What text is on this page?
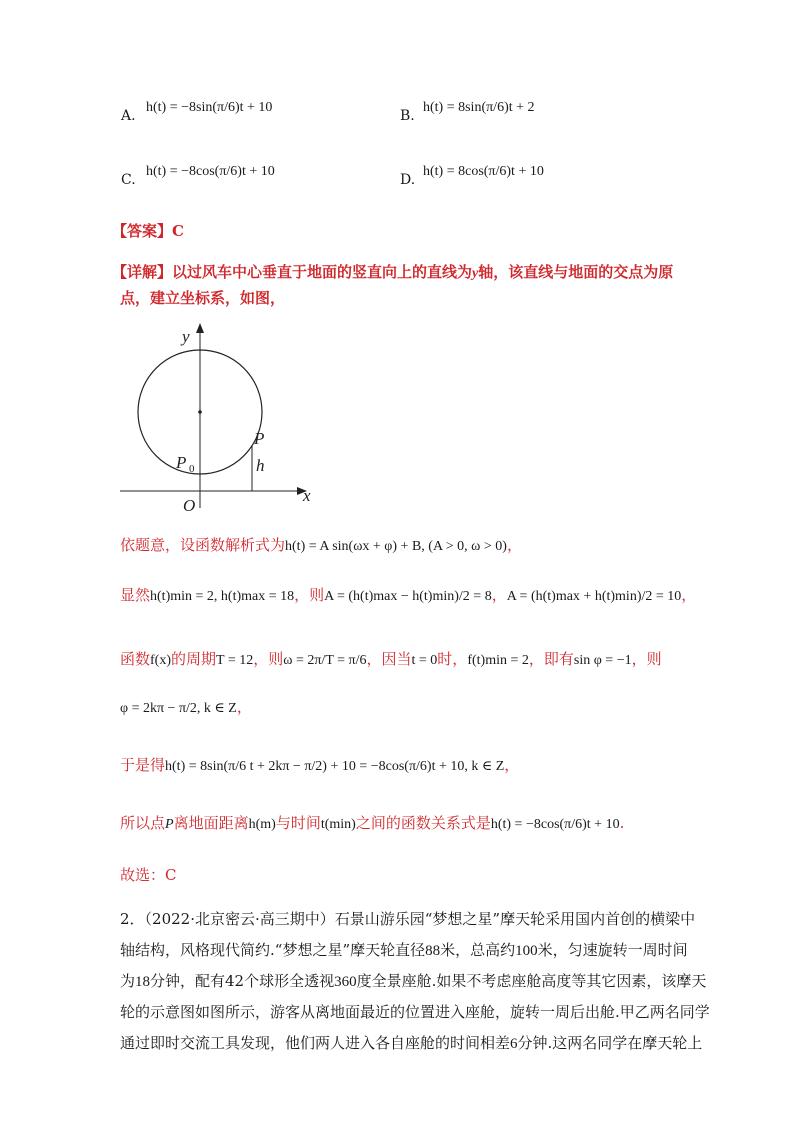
A.
h(t) = −8sin(π/6)t + 10
B.
h(t) = 8sin(π/6)t + 2
C.
h(t) = −8cos(π/6)t + 10
D.
h(t) = 8cos(π/6)t + 10
【答案】C
【详解】以过风车中心垂直于地面的竖直向上的直线为y轴，该直线与地面的交点为原
点，建立坐标系，如图，
y
x
O
P
P 0	h
依题意，设函数解析式为h(t) = A sin(ωx + φ) + B, (A > 0, ω > 0)，
显然h(t)min = 2, h(t)max = 18，则A = (h(t)max − h(t)min)/2 = 8，A = (h(t)max + h(t)min)/2 = 10，
函数f(x)的周期T = 12，则ω = 2π/T = π/6，因当t = 0时，f(t)min = 2，即有sin φ = −1，则
φ = 2kπ − π/2, k ∈ Z，
于是得h(t) = 8sin(π/6 t + 2kπ − π/2) + 10 = −8cos(π/6)t + 10, k ∈ Z，
所以点P离地面距离h(m)与时间t(min)之间的函数关系式是h(t) = −8cos(π/6)t + 10.
故选：C
2．（2022·北京密云·高三期中）石景山游乐园“梦想之星”摩天轮采用国内首创的横梁中
轴结构，风格现代简约.“梦想之星”摩天轮直径88米，总高约100米，匀速旋转一周时间
为18分钟，配有42个球形全透视360度全景座舱.如果不考虑座舱高度等其它因素，该摩天
轮的示意图如图所示，游客从离地面最近的位置进入座舱，旋转一周后出舱.甲乙两名同学
通过即时交流工具发现，他们两人进入各自座舱的时间相差6分钟.这两名同学在摩天轮上
